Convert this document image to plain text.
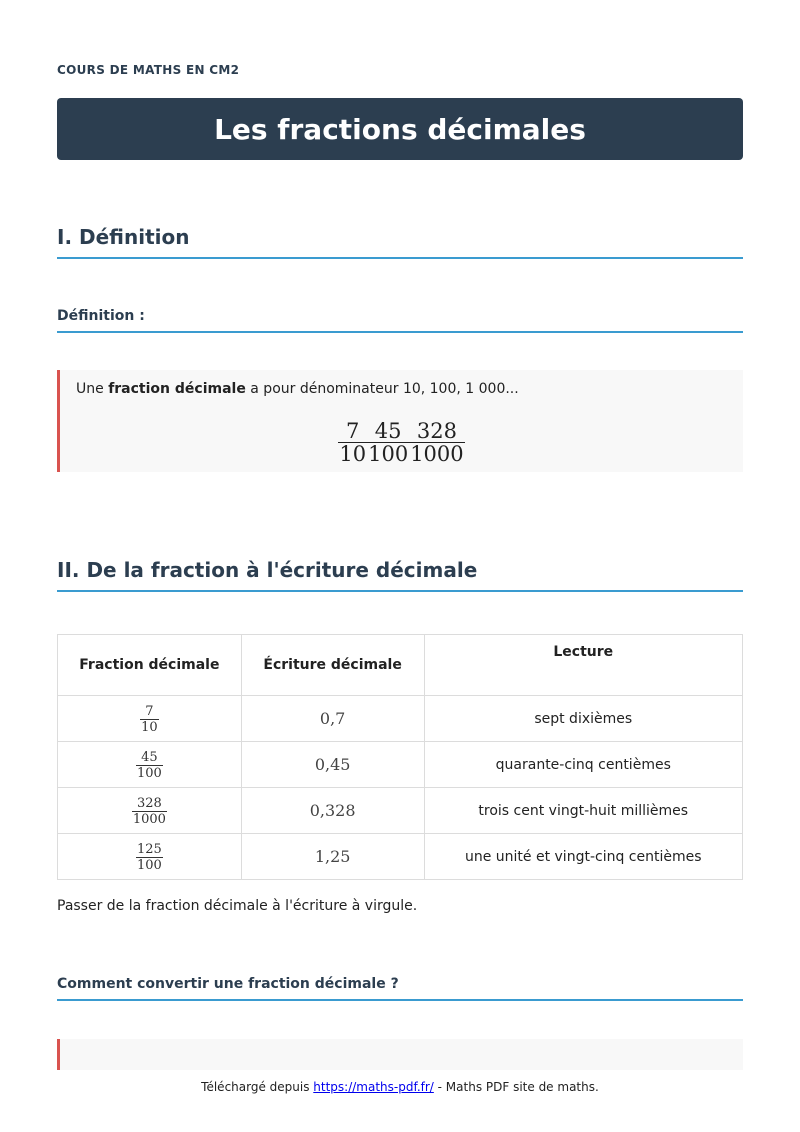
COURS DE MATHS EN CM2
Les fractions décimales
I. Définition
Définition :

Une fraction décimale a pour dénominateur 10, 100, 1 000...

$\frac{7}{10} \frac{45}{100} \frac{328}{1000}$
II. De la fraction à l'écriture décimale
Fraction décimale	Écriture décimale	Lecture

$\frac{7}{10}$	0,7	sept dixièmes

$\frac{45}{100}$	0,45	quarante-cinq centièmes

$\frac{328}{1000}$	0,328	trois cent vingt-huit millièmes

$\frac{125}{100}$	1,25	une unité et vingt-cinq centièmes
Passer de la fraction décimale à l'écriture à virgule.
Comment convertir une fraction décimale ?
Téléchargé depuis https://maths-pdf.fr/ - Maths PDF site de maths.
